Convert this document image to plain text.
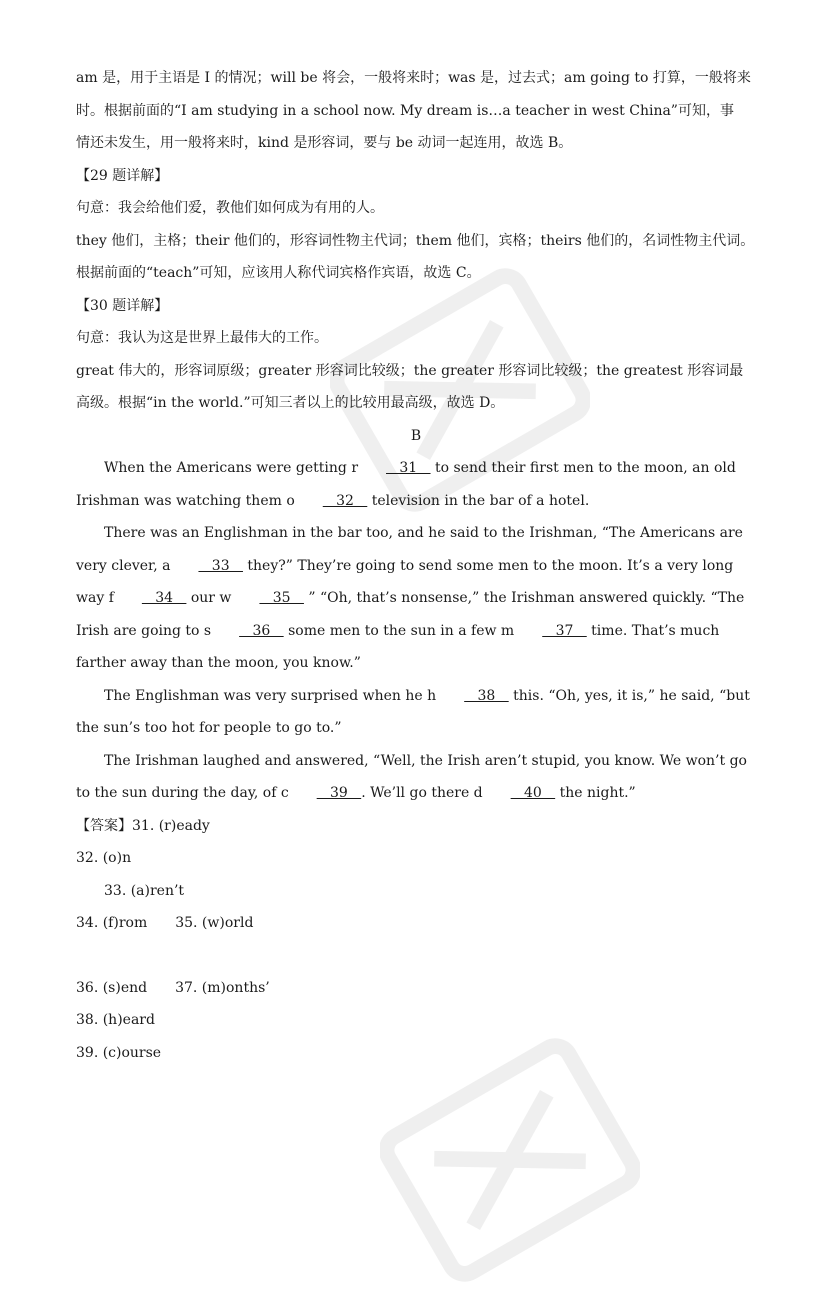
am 是，用于主语是 I 的情况；will be 将会，一般将来时；was 是，过去式；am going to 打算，一般将来
时。根据前面的“I am studying in a school now. My dream is…a teacher in west China”可知，事
情还未发生，用一般将来时，kind 是形容词，要与 be 动词一起连用，故选 B。
【29 题详解】
句意：我会给他们爱，教他们如何成为有用的人。
they 他们，主格；their 他们的，形容词性物主代词；them 他们，宾格；theirs 他们的，名词性物主代词。
根据前面的“teach”可知，应该用人称代词宾格作宾语，故选 C。
【30 题详解】
句意：我认为这是世界上最伟大的工作。
great 伟大的，形容词原级；greater 形容词比较级；the greater 形容词比较级；the greatest 形容词最
高级。根据“in the world.”可知三者以上的比较用最高级，故选 D。
B
When the Americans were getting r   31    to send their first men to the moon, an old Irishman was watching them o   32    television in the bar of a hotel.
There was an Englishman in the bar too, and he said to the Irishman, “The Americans are very clever, a   33    they?” They’re going to send some men to the moon. It’s a very long way f   34    our w   35    ” “Oh, that’s nonsense,” the Irishman answered quickly. “The Irish are going to s   36    some men to the sun in a few m   37    time. That’s much farther away than the moon, you know.”
The Englishman was very surprised when he h   38    this. “Oh, yes, it is,” he said, “but the sun’s too hot for people to go to.”
The Irishman laughed and answered, “Well, the Irish aren’t stupid, you know. We won’t go to the sun during the day, of c   39   . We’ll go there d   40    the night.”
【答案】31. (r)eady
32. (o)n
33. (a)ren’t
34. (f)rom 35. (w)orld
36. (s)end 37. (m)onths’
38. (h)eard
39. (c)ourse
